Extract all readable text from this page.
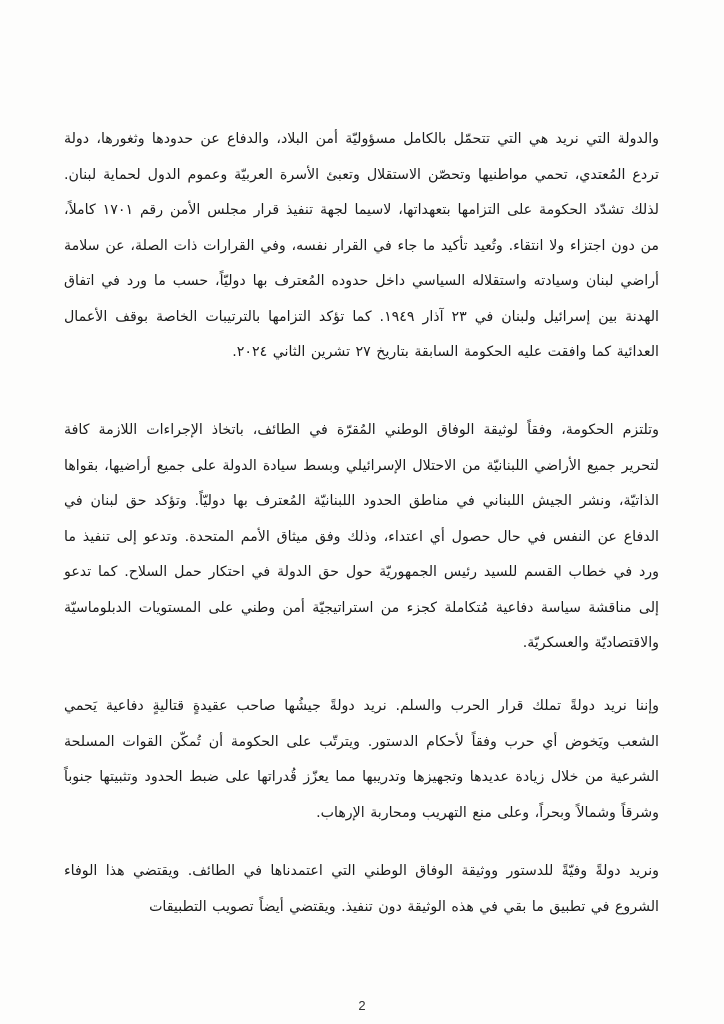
والدولة التي نريد هي التي تتحمّل بالكامل مسؤوليّة أمن البلاد، والدفاع عن حدودها وثغورها، دولة تردع المُعتدي، تحمي مواطنيها وتحصّن الاستقلال وتعبئ الأسرة العربيّة وعموم الدول لحماية لبنان. لذلك تشدّد الحكومة على التزامها بتعهداتها، لاسيما لجهة تنفيذ قرار مجلس الأمن رقم ١٧٠١ كاملاً، من دون اجتزاء ولا انتقاء. وتُعيد تأكيد ما جاء في القرار نفسه، وفي القرارات ذات الصلة، عن سلامة أراضي لبنان وسيادته واستقلاله السياسي داخل حدوده المُعترف بها دوليّاً، حسب ما ورد في اتفاق الهدنة بين إسرائيل ولبنان في ٢٣ آذار ١٩٤٩. كما تؤكد التزامها بالترتيبات الخاصة بوقف الأعمال العدائية كما وافقت عليه الحكومة السابقة بتاريخ ٢٧ تشرين الثاني ٢٠٢٤.

وتلتزم الحكومة، وفقاً لوثيقة الوفاق الوطني المُقرّة في الطائف، باتخاذ الإجراءات اللازمة كافة لتحرير جميع الأراضي اللبنانيّة من الاحتلال الإسرائيلي وبسط سيادة الدولة على جميع أراضيها، بقواها الذاتيّة، ونشر الجيش اللبناني في مناطق الحدود اللبنانيّة المُعترف بها دوليّاً. وتؤكد حق لبنان في الدفاع عن النفس في حال حصول أي اعتداء، وذلك وفق ميثاق الأمم المتحدة. وتدعو إلى تنفيذ ما ورد في خطاب القسم للسيد رئيس الجمهوريّة حول حق الدولة في احتكار حمل السلاح. كما تدعو إلى مناقشة سياسة دفاعية مُتكاملة كجزء من استراتيجيّة أمن وطني على المستويات الدبلوماسيّة والاقتصاديّة والعسكريّة.

وإننا نريد دولةً تملك قرار الحرب والسلم. نريد دولةً جيشُها صاحب عقيدةٍ قتاليةٍ دفاعية يَحمي الشعب ويَخوض أي حرب وفقاً لأحكام الدستور. ويترتّب على الحكومة أن تُمكّن القوات المسلحة الشرعية من خلال زيادة عديدها وتجهيزها وتدريبها مما يعزّز قُدراتها على ضبط الحدود وتثبيتها جنوباً وشرقاً وشمالاً وبحراً، وعلى منع التهريب ومحاربة الإرهاب.

ونريد دولةً وفيّةً للدستور ووثيقة الوفاق الوطني التي اعتمدناها في الطائف. ويقتضي هذا الوفاء الشروع في تطبيق ما بقي في هذه الوثيقة دون تنفيذ. ويقتضي أيضاً تصويب التطبيقات

2
